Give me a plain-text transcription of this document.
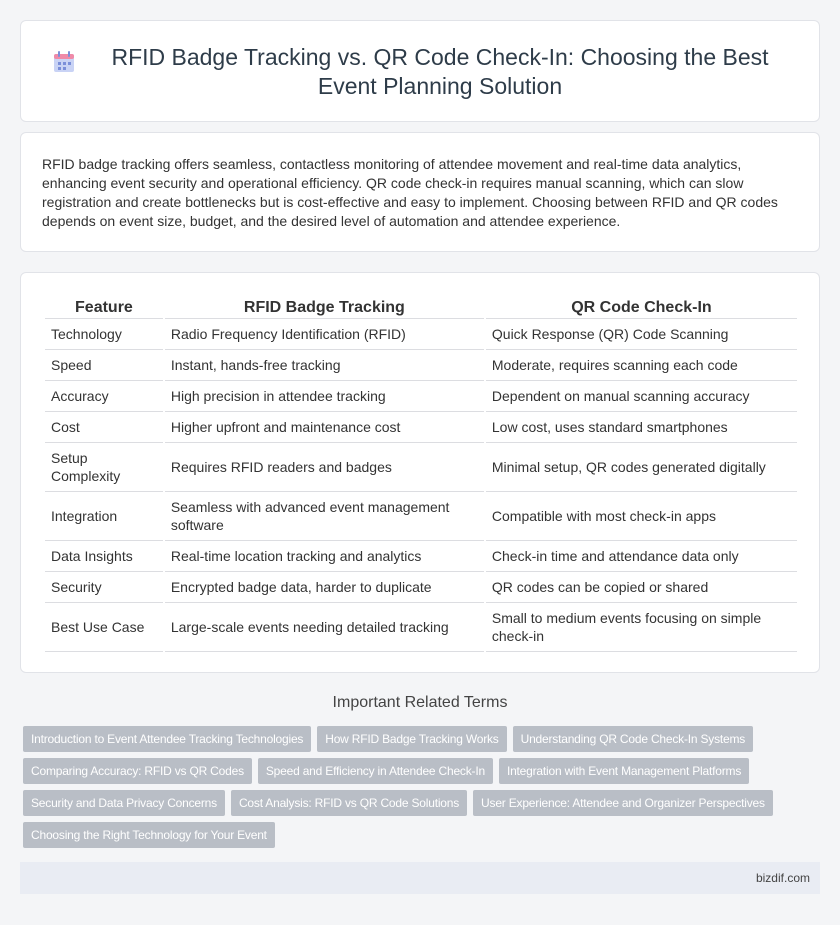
RFID Badge Tracking vs. QR Code Check-In: Choosing the Best Event Planning Solution

RFID badge tracking offers seamless, contactless monitoring of attendee movement and real-time data analytics, enhancing event security and operational efficiency. QR code check-in requires manual scanning, which can slow registration and create bottlenecks but is cost-effective and easy to implement. Choosing between RFID and QR codes depends on event size, budget, and the desired level of automation and attendee experience.

Feature	RFID Badge Tracking	QR Code Check-In
Technology	Radio Frequency Identification (RFID)	Quick Response (QR) Code Scanning
Speed	Instant, hands-free tracking	Moderate, requires scanning each code
Accuracy	High precision in attendee tracking	Dependent on manual scanning accuracy
Cost	Higher upfront and maintenance cost	Low cost, uses standard smartphones
Setup Complexity	Requires RFID readers and badges	Minimal setup, QR codes generated digitally
Integration	Seamless with advanced event management software	Compatible with most check-in apps
Data Insights	Real-time location tracking and analytics	Check-in time and attendance data only
Security	Encrypted badge data, harder to duplicate	QR codes can be copied or shared
Best Use Case	Large-scale events needing detailed tracking	Small to medium events focusing on simple check-in
Important Related Terms
Introduction to Event Attendee Tracking Technologies	How RFID Badge Tracking Works	Understanding QR Code Check-In Systems
Comparing Accuracy: RFID vs QR Codes	Speed and Efficiency in Attendee Check-In	Integration with Event Management Platforms
Security and Data Privacy Concerns	Cost Analysis: RFID vs QR Code Solutions	User Experience: Attendee and Organizer Perspectives
Choosing the Right Technology for Your Event
bizdif.com
